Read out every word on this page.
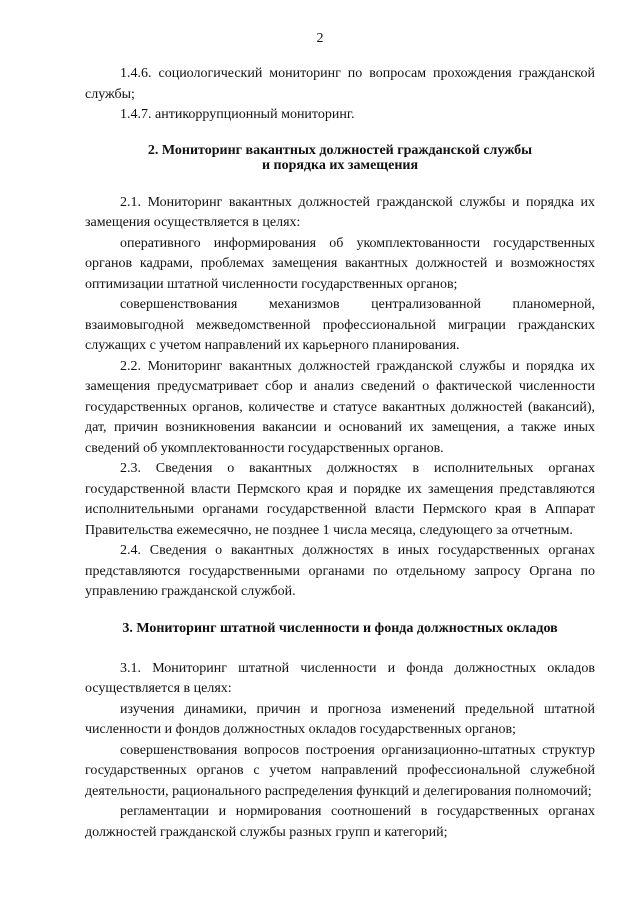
2

1.4.6. социологический мониторинг по вопросам прохождения гражданской службы;

1.4.7. антикоррупционный мониторинг.

2. Мониторинг вакантных должностей гражданской службы
и порядка их замещения

2.1. Мониторинг вакантных должностей гражданской службы и порядка их замещения осуществляется в целях:

оперативного информирования об укомплектованности государственных органов кадрами, проблемах замещения вакантных должностей и возможностях оптимизации штатной численности государственных органов;

совершенствования механизмов централизованной планомерной, взаимовыгодной межведомственной профессиональной миграции гражданских служащих с учетом направлений их карьерного планирования.

2.2. Мониторинг вакантных должностей гражданской службы и порядка их замещения предусматривает сбор и анализ сведений о фактической численности государственных органов, количестве и статусе вакантных должностей (вакансий), дат, причин возникновения вакансии и оснований их замещения, а также иных сведений об укомплектованности государственных органов.

2.3. Сведения о вакантных должностях в исполнительных органах государственной власти Пермского края и порядке их замещения представляются исполнительными органами государственной власти Пермского края в Аппарат Правительства ежемесячно, не позднее 1 числа месяца, следующего за отчетным.

2.4. Сведения о вакантных должностях в иных государственных органах представляются государственными органами по отдельному запросу Органа по управлению гражданской службой.

3. Мониторинг штатной численности и фонда должностных окладов

3.1. Мониторинг штатной численности и фонда должностных окладов осуществляется в целях:

изучения динамики, причин и прогноза изменений предельной штатной численности и фондов должностных окладов государственных органов;

совершенствования вопросов построения организационно-штатных структур государственных органов с учетом направлений профессиональной служебной деятельности, рационального распределения функций и делегирования полномочий;

регламентации и нормирования соотношений в государственных органах должностей гражданской службы разных групп и категорий;
